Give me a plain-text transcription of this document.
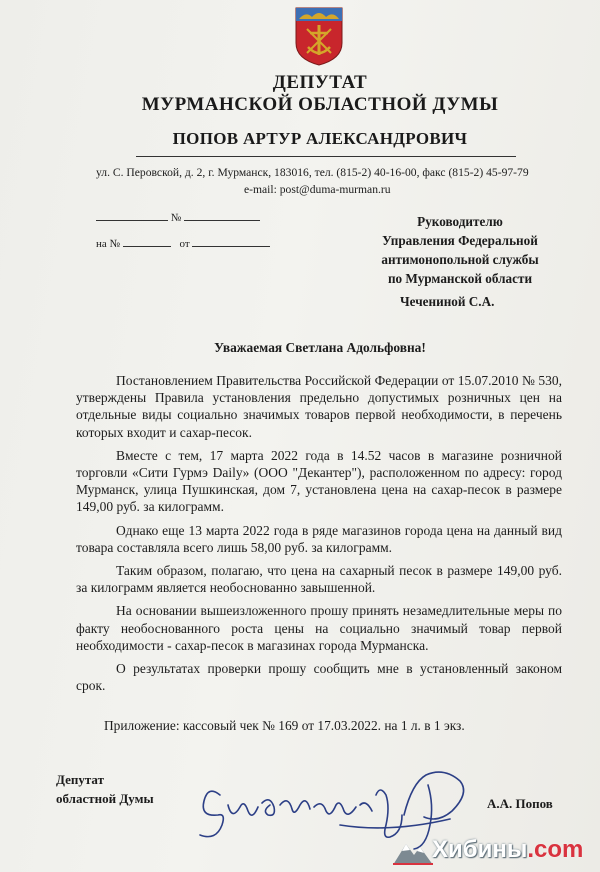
ДЕПУТАТ
МУРМАНСКОЙ ОБЛАСТНОЙ ДУМЫ
ПОПОВ АРТУР АЛЕКСАНДРОВИЧ
ул. С. Перовской, д. 2, г. Мурманск, 183016, тел. (815-2) 40-16-00, факс (815-2) 45-97-79
e-mail: post@duma-murman.ru
№
на №	от
Руководителю
Управления Федеральной
антимонопольной службы
по Мурманской области
Чечениной С.А.
Уважаемая Светлана Адольфовна!

Постановлением Правительства Российской Федерации от 15.07.2010 № 530, утверждены Правила установления предельно допустимых розничных цен на отдельные виды социально значимых товаров первой необходимости, в перечень которых входит и сахар-песок.

Вместе с тем, 17 марта 2022 года в 14.52 часов в магазине розничной торговли «Сити Гурмэ Daily» (ООО "Декантер"), расположенном по адресу: город Мурманск, улица Пушкинская, дом 7, установлена цена на сахар-песок в размере 149,00 руб. за килограмм.

Однако еще 13 марта 2022 года в ряде магазинов города цена на данный вид товара составляла всего лишь 58,00 руб. за килограмм.

Таким образом, полагаю, что цена на сахарный песок в размере 149,00 руб. за килограмм является необоснованно завышенной.

На основании вышеизложенного прошу принять незамедлительные меры по факту необоснованного роста цены на социально значимый товар первой необходимости - сахар-песок в магазинах города Мурманска.

О результатах проверки прошу сообщить мне в установленный законом срок.

Приложение: кассовый чек № 169 от 17.03.2022. на 1 л. в 1 экз.
Депутат
областной Думы	А.А. Попов
Хибины.com
